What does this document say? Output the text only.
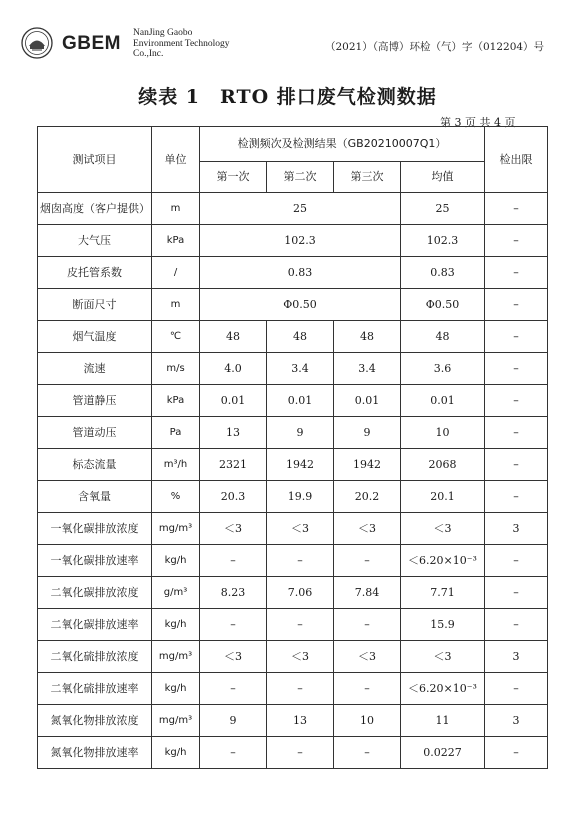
GBEM NanJing Gaobo
Environment Technology
Co.,Inc.
（2021）（高博）环检（气）字（012204）号
续表 1　RTO 排口废气检测数据
第 3 页 共 4 页
测试项目	单位	检测频次及检测结果（GB20210007Q1）				检出限
		第一次	第二次	第三次	均值	
烟囱高度（客户提供）	m	25			25	–
大气压	kPa	102.3			102.3	–
皮托管系数	/	0.83			0.83	–
断面尺寸	m	Φ0.50			Φ0.50	–
烟气温度	℃	48	48	48	48	–
流速	m/s	4.0	3.4	3.4	3.6	–
管道静压	kPa	0.01	0.01	0.01	0.01	–
管道动压	Pa	13	9	9	10	–
标态流量	m³/h	2321	1942	1942	2068	–
含氧量	%	20.3	19.9	20.2	20.1	–
一氧化碳排放浓度	mg/m³	＜3	＜3	＜3	＜3	3
一氧化碳排放速率	kg/h	–	–	–	＜6.20×10⁻³	–
二氧化碳排放浓度	g/m³	8.23	7.06	7.84	7.71	–
二氧化碳排放速率	kg/h	–	–	–	15.9	–
二氧化硫排放浓度	mg/m³	＜3	＜3	＜3	＜3	3
二氧化硫排放速率	kg/h	–	–	–	＜6.20×10⁻³	–
氮氧化物排放浓度	mg/m³	9	13	10	11	3
氮氧化物排放速率	kg/h	–	–	–	0.0227	–
